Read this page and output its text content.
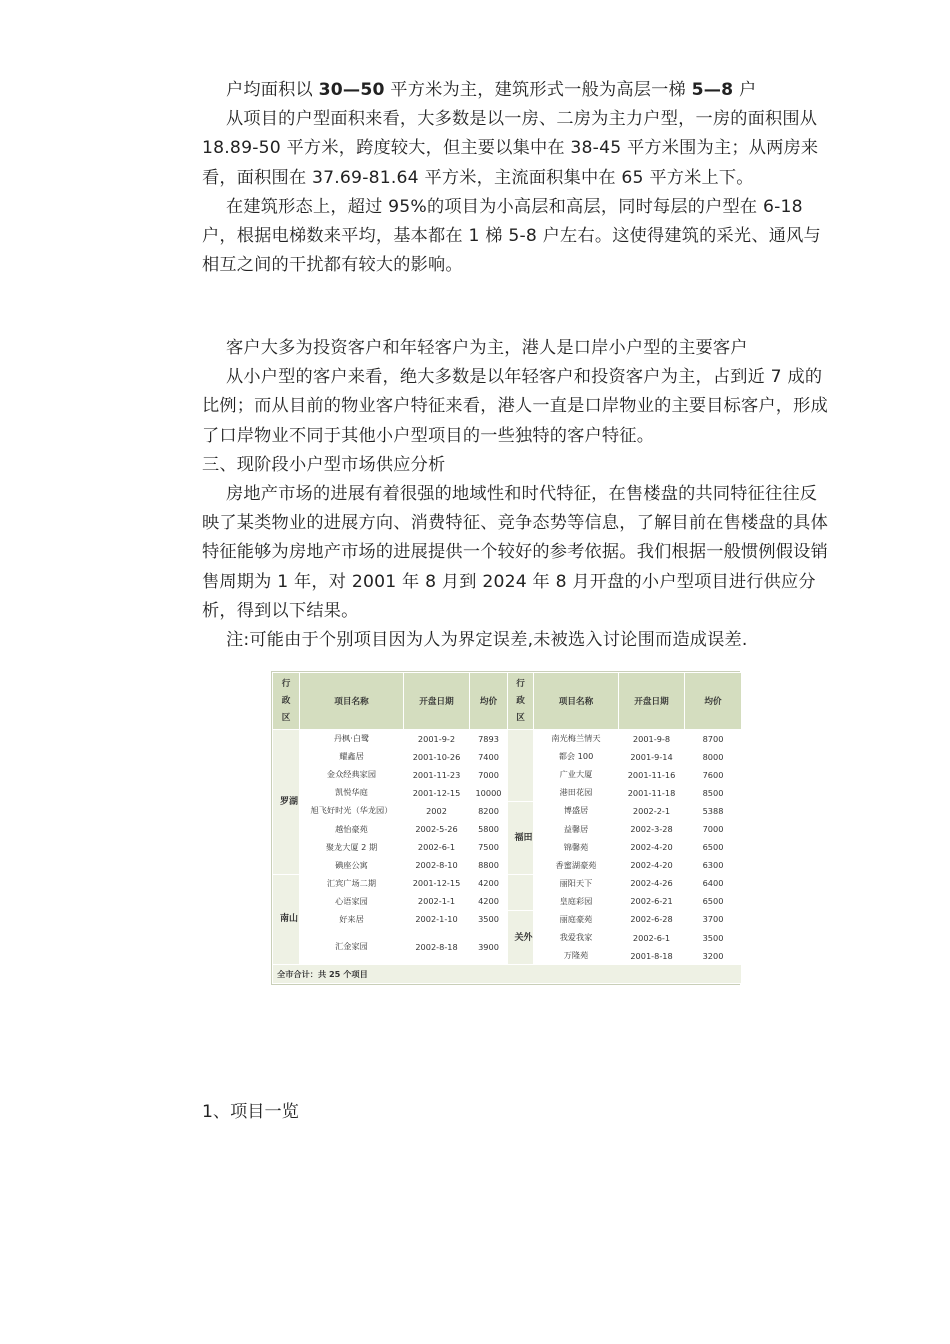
户均面积以 30—50 平方米为主，建筑形式一般为高层一梯 5—8 户

从项目的户型面积来看，大多数是以一房、二房为主力户型，一房的面积围从 18.89-50 平方米，跨度较大，但主要以集中在 38-45 平方米围为主；从两房来看，面积围在 37.69-81.64 平方米，主流面积集中在 65 平方米上下。

在建筑形态上，超过 95%的项目为小高层和高层，同时每层的户型在 6-18 户，根据电梯数来平均，基本都在 1 梯 5-8 户左右。这使得建筑的采光、通风与相互之间的干扰都有较大的影响。

客户大多为投资客户和年轻客户为主，港人是口岸小户型的主要客户

从小户型的客户来看，绝大多数是以年轻客户和投资客户为主，占到近 7 成的比例；而从目前的物业客户特征来看，港人一直是口岸物业的主要目标客户，形成了口岸物业不同于其他小户型项目的一些独特的客户特征。

三、现阶段小户型市场供应分析

房地产市场的进展有着很强的地域性和时代特征，在售楼盘的共同特征往往反映了某类物业的进展方向、消费特征、竞争态势等信息，了解目前在售楼盘的具体特征能够为房地产市场的进展提供一个较好的参考依据。我们根据一般惯例假设销售周期为 1 年，对 2001 年 8 月到 2024 年 8 月开盘的小户型项目进行供应分析，得到以下结果。

注:可能由于个别项目因为人为界定误差,未被选入讨论围而造成误差.

行政区	项目名称	开盘日期	均价	行政区	项目名称	开盘日期	均价
罗湖	丹枫·白鹭	2001-9-2	7893		南光梅兰情天	2001-9-8	8700
	耀鑫居	2001-10-26	7400		都会 100	2001-9-14	8000
	金众经典家园	2001-11-23	7000		广业大厦	2001-11-16	7600
	凯悦华庭	2001-12-15	10000		港田花园	2001-11-18	8500
	旭飞好时光（华龙园）	2002	8200	福田	博盛居	2002-2-1	5388
	越怡豪苑	2002-5-26	5800		益馨居	2002-3-28	7000
	聚龙大厦 2 期	2002-6-1	7500		锦馨苑	2002-4-20	6500
	碘座公寓	2002-8-10	8800		香蜜湖豪苑	2002-4-20	6300
南山	汇宾广场二期	2001-12-15	4200		丽阳天下	2002-4-26	6400
	心语家园	2002-1-1	4200		皇庭彩园	2002-6-21	6500
	好来居	2002-1-10	3500	关外	丽庭豪苑	2002-6-28	3700
	汇金家园	2002-8-18	3900		我爱我家	2002-6-1	3500
					万隆苑	2001-8-18	3200
全市合计：共 25 个项目							
1、项目一览
